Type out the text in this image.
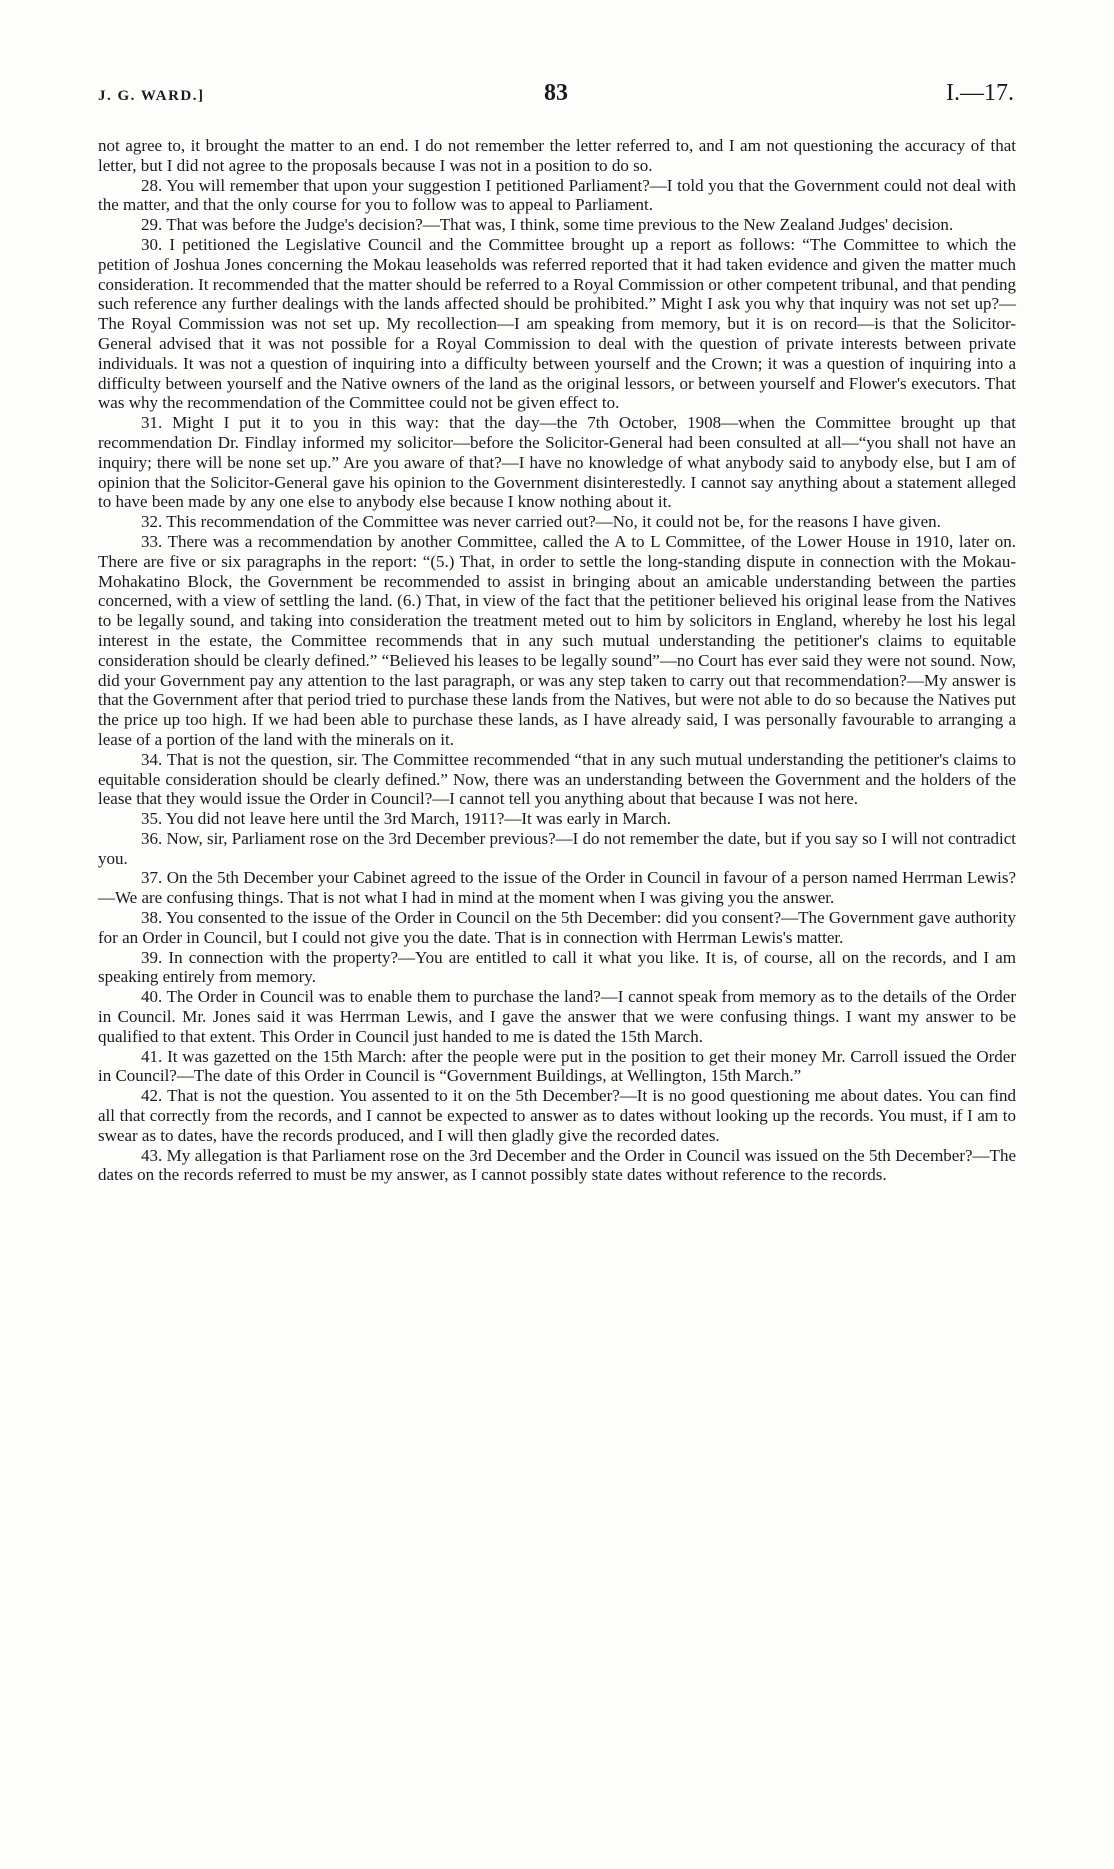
J. G. WARD.]	83	I.—17.

not agree to, it brought the matter to an end. I do not remember the letter referred to, and I am not questioning the accuracy of that letter, but I did not agree to the proposals because I was not in a position to do so.

28. You will remember that upon your suggestion I petitioned Parliament?—I told you that the Government could not deal with the matter, and that the only course for you to follow was to appeal to Parliament.

29. That was before the Judge's decision?—That was, I think, some time previous to the New Zealand Judges' decision.

30. I petitioned the Legislative Council and the Committee brought up a report as follows: “The Committee to which the petition of Joshua Jones concerning the Mokau leaseholds was referred reported that it had taken evidence and given the matter much consideration. It recommended that the matter should be referred to a Royal Commission or other competent tribunal, and that pending such reference any further dealings with the lands affected should be prohibited.” Might I ask you why that inquiry was not set up?—The Royal Commission was not set up. My recollection—I am speaking from memory, but it is on record—is that the Solicitor-General advised that it was not possible for a Royal Commission to deal with the question of private interests between private individuals. It was not a question of inquiring into a difficulty between yourself and the Crown; it was a question of inquiring into a difficulty between yourself and the Native owners of the land as the original lessors, or between yourself and Flower's executors. That was why the recommendation of the Committee could not be given effect to.

31. Might I put it to you in this way: that the day—the 7th October, 1908—when the Committee brought up that recommendation Dr. Findlay informed my solicitor—before the Solicitor-General had been consulted at all—“you shall not have an inquiry; there will be none set up.” Are you aware of that?—I have no knowledge of what anybody said to anybody else, but I am of opinion that the Solicitor-General gave his opinion to the Government disinterestedly. I cannot say anything about a statement alleged to have been made by any one else to anybody else because I know nothing about it.

32. This recommendation of the Committee was never carried out?—No, it could not be, for the reasons I have given.

33. There was a recommendation by another Committee, called the A to L Committee, of the Lower House in 1910, later on. There are five or six paragraphs in the report: “(5.) That, in order to settle the long-standing dispute in connection with the Mokau-Mohakatino Block, the Government be recommended to assist in bringing about an amicable understanding between the parties concerned, with a view of settling the land. (6.) That, in view of the fact that the petitioner believed his original lease from the Natives to be legally sound, and taking into consideration the treatment meted out to him by solicitors in England, whereby he lost his legal interest in the estate, the Committee recommends that in any such mutual understanding the petitioner's claims to equitable consideration should be clearly defined.” “Believed his leases to be legally sound”—no Court has ever said they were not sound. Now, did your Government pay any attention to the last paragraph, or was any step taken to carry out that recommendation?—My answer is that the Government after that period tried to purchase these lands from the Natives, but were not able to do so because the Natives put the price up too high. If we had been able to purchase these lands, as I have already said, I was personally favourable to arranging a lease of a portion of the land with the minerals on it.

34. That is not the question, sir. The Committee recommended “that in any such mutual understanding the petitioner's claims to equitable consideration should be clearly defined.” Now, there was an understanding between the Government and the holders of the lease that they would issue the Order in Council?—I cannot tell you anything about that because I was not here.

35. You did not leave here until the 3rd March, 1911?—It was early in March.

36. Now, sir, Parliament rose on the 3rd December previous?—I do not remember the date, but if you say so I will not contradict you.

37. On the 5th December your Cabinet agreed to the issue of the Order in Council in favour of a person named Herrman Lewis?—We are confusing things. That is not what I had in mind at the moment when I was giving you the answer.

38. You consented to the issue of the Order in Council on the 5th December: did you consent?—The Government gave authority for an Order in Council, but I could not give you the date. That is in connection with Herrman Lewis's matter.

39. In connection with the property?—You are entitled to call it what you like. It is, of course, all on the records, and I am speaking entirely from memory.

40. The Order in Council was to enable them to purchase the land?—I cannot speak from memory as to the details of the Order in Council. Mr. Jones said it was Herrman Lewis, and I gave the answer that we were confusing things. I want my answer to be qualified to that extent. This Order in Council just handed to me is dated the 15th March.

41. It was gazetted on the 15th March: after the people were put in the position to get their money Mr. Carroll issued the Order in Council?—The date of this Order in Council is “Government Buildings, at Wellington, 15th March.”

42. That is not the question. You assented to it on the 5th December?—It is no good questioning me about dates. You can find all that correctly from the records, and I cannot be expected to answer as to dates without looking up the records. You must, if I am to swear as to dates, have the records produced, and I will then gladly give the recorded dates.

43. My allegation is that Parliament rose on the 3rd December and the Order in Council was issued on the 5th December?—The dates on the records referred to must be my answer, as I cannot possibly state dates without reference to the records.
